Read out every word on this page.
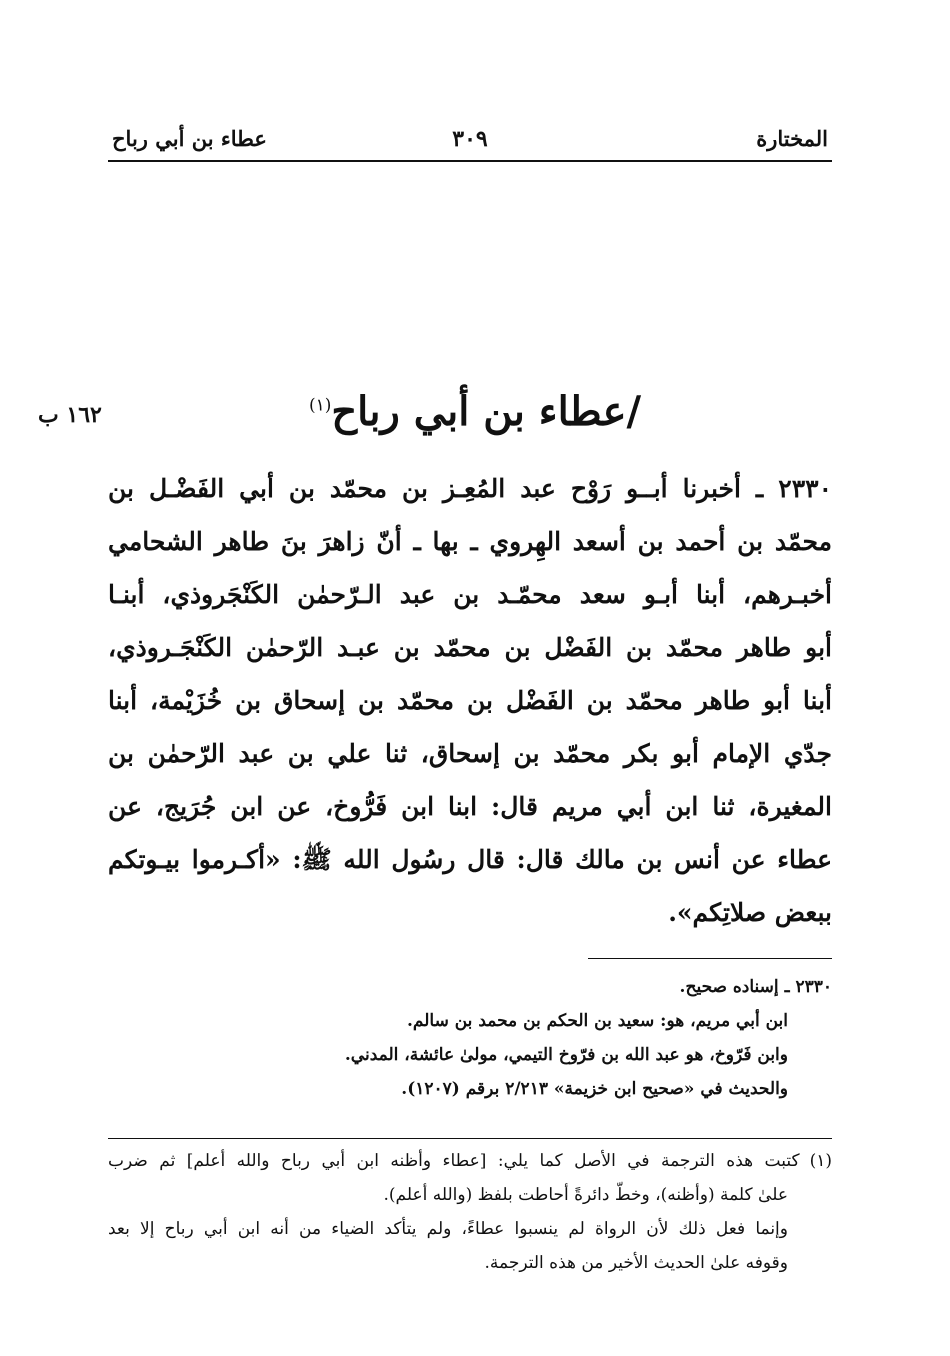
المختارة
٣٠٩
عطاء بن أبي رباح
١٦٢ ب	/عطاء بن أبي رباح$^{(١)}$
٢٣٣٠ ـ أخبرنا أبــو رَوْح عبد المُعِـز بن محمّد بن أبي الفَضْـل بن
محمّد بن أحمد بن أسعد الهِروي ـ بها ـ أنّ زاهرَ بنَ طاهر الشحامي
أخبـرهم، أبنا أبـو سعد محمّـد بن عبد الـرّحمٰن الكَنْجَروذي، أبنـا
أبو طاهر محمّد بن الفَضْل بن محمّد بن عبـد الرّحمٰن الكَنْجَـروذي،
أبنا أبو طاهر محمّد بن الفَضْل بن محمّد بن إسحاق بن خُزَيْمة، أبنا
جدّي الإمام أبو بكر محمّد بن إسحاق، ثنا علي بن عبد الرّحمٰن بن
المغيرة، ثنا ابن أبي مريم قال: ابنا ابن فَرُّوخ، عن ابن جُرَيج، عن
عطاء عن أنس بن مالك قال: قال رسُول الله ﷺ: «أكـرموا بيـوتكم
ببعض صلاتِكم».
٢٣٣٠ ـ إسناده صحيح.
ابن أبي مريم، هو: سعيد بن الحكم بن محمد بن سالم.
وابن فَرّوخ، هو عبد الله بن فرّوخ التيمي، مولىٰ عائشة، المدني.
والحديث في «صحيح ابن خزيمة» ٢/٢١٣ برقم (١٢٠٧).
(١)كتبت هذه الترجمة في الأصل كما يلي: [عطاء وأظنه ابن أبي رباح والله أعلم] ثم ضرب
علىٰ كلمة (وأظنه)، وخطّ دائرةً أحاطت بلفظ (والله أعلم).
وإنما فعل ذلك لأن الرواة لم ينسبوا عطاءً، ولم يتأكد الضياء من أنه ابن أبي رباح إلا بعد
وقوفه علىٰ الحديث الأخير من هذه الترجمة.
